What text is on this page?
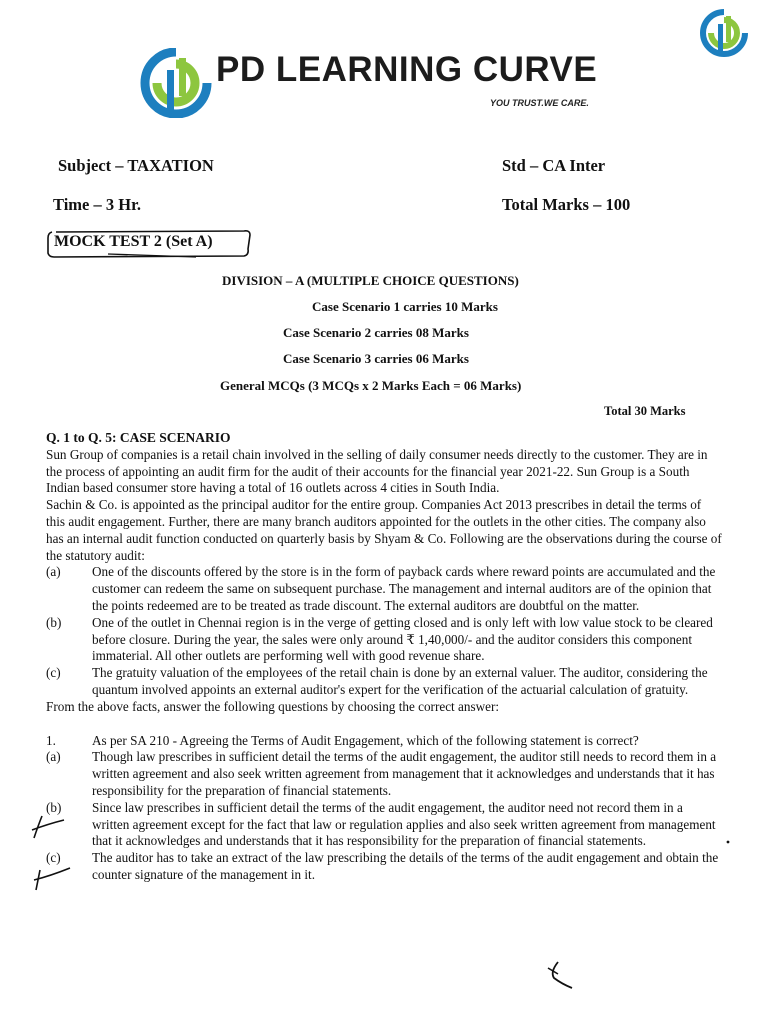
PD LEARNING CURVE
YOU TRUST.WE CARE.
Subject – TAXATION	Std – CA Inter
Time – 3 Hr.	Total Marks – 100
MOCK TEST 2 (Set A)
DIVISION – A (MULTIPLE CHOICE QUESTIONS)
Case Scenario 1 carries 10 Marks
Case Scenario 2 carries 08 Marks
Case Scenario 3 carries 06 Marks
General MCQs (3 MCQs x 2 Marks Each = 06 Marks)
Total 30 Marks

Q. 1 to Q. 5: CASE SCENARIO

Sun Group of companies is a retail chain involved in the selling of daily consumer needs directly to the customer. They are in the process of appointing an audit firm for the audit of their accounts for the financial year 2021-22. Sun Group is a South Indian based consumer store having a total of 16 outlets across 4 cities in South India.

Sachin & Co. is appointed as the principal auditor for the entire group. Companies Act 2013 prescribes in detail the terms of this audit engagement. Further, there are many branch auditors appointed for the outlets in the other cities. The company also has an internal audit function conducted on quarterly basis by Shyam & Co. Following are the observations during the course of the statutory audit:

(a)	One of the discounts offered by the store is in the form of payback cards where reward points are accumulated and the customer can redeem the same on subsequent purchase. The management and internal auditors are of the opinion that the points redeemed are to be treated as trade discount. The external auditors are doubtful on the matter.
(b)	One of the outlet in Chennai region is in the verge of getting closed and is only left with low value stock to be cleared before closure. During the year, the sales were only around ₹ 1,40,000/- and the auditor considers this component immaterial. All other outlets are performing well with good revenue share.
(c)	The gratuity valuation of the employees of the retail chain is done by an external valuer. The auditor, considering the quantum involved appoints an external auditor's expert for the verification of the actuarial calculation of gratuity.

From the above facts, answer the following questions by choosing the correct answer:

1.	As per SA 210 - Agreeing the Terms of Audit Engagement, which of the following statement is correct?
(a)	Though law prescribes in sufficient detail the terms of the audit engagement, the auditor still needs to record them in a written agreement and also seek written agreement from management that it acknowledges and understands that it has responsibility for the preparation of financial statements.
(b)	Since law prescribes in sufficient detail the terms of the audit engagement, the auditor need not record them in a written agreement except for the fact that law or regulation applies and also seek written agreement from management that it acknowledges and understands that it has responsibility for the preparation of financial statements.
(c)	The auditor has to take an extract of the law prescribing the details of the terms of the audit engagement and obtain the counter signature of the management in it.
